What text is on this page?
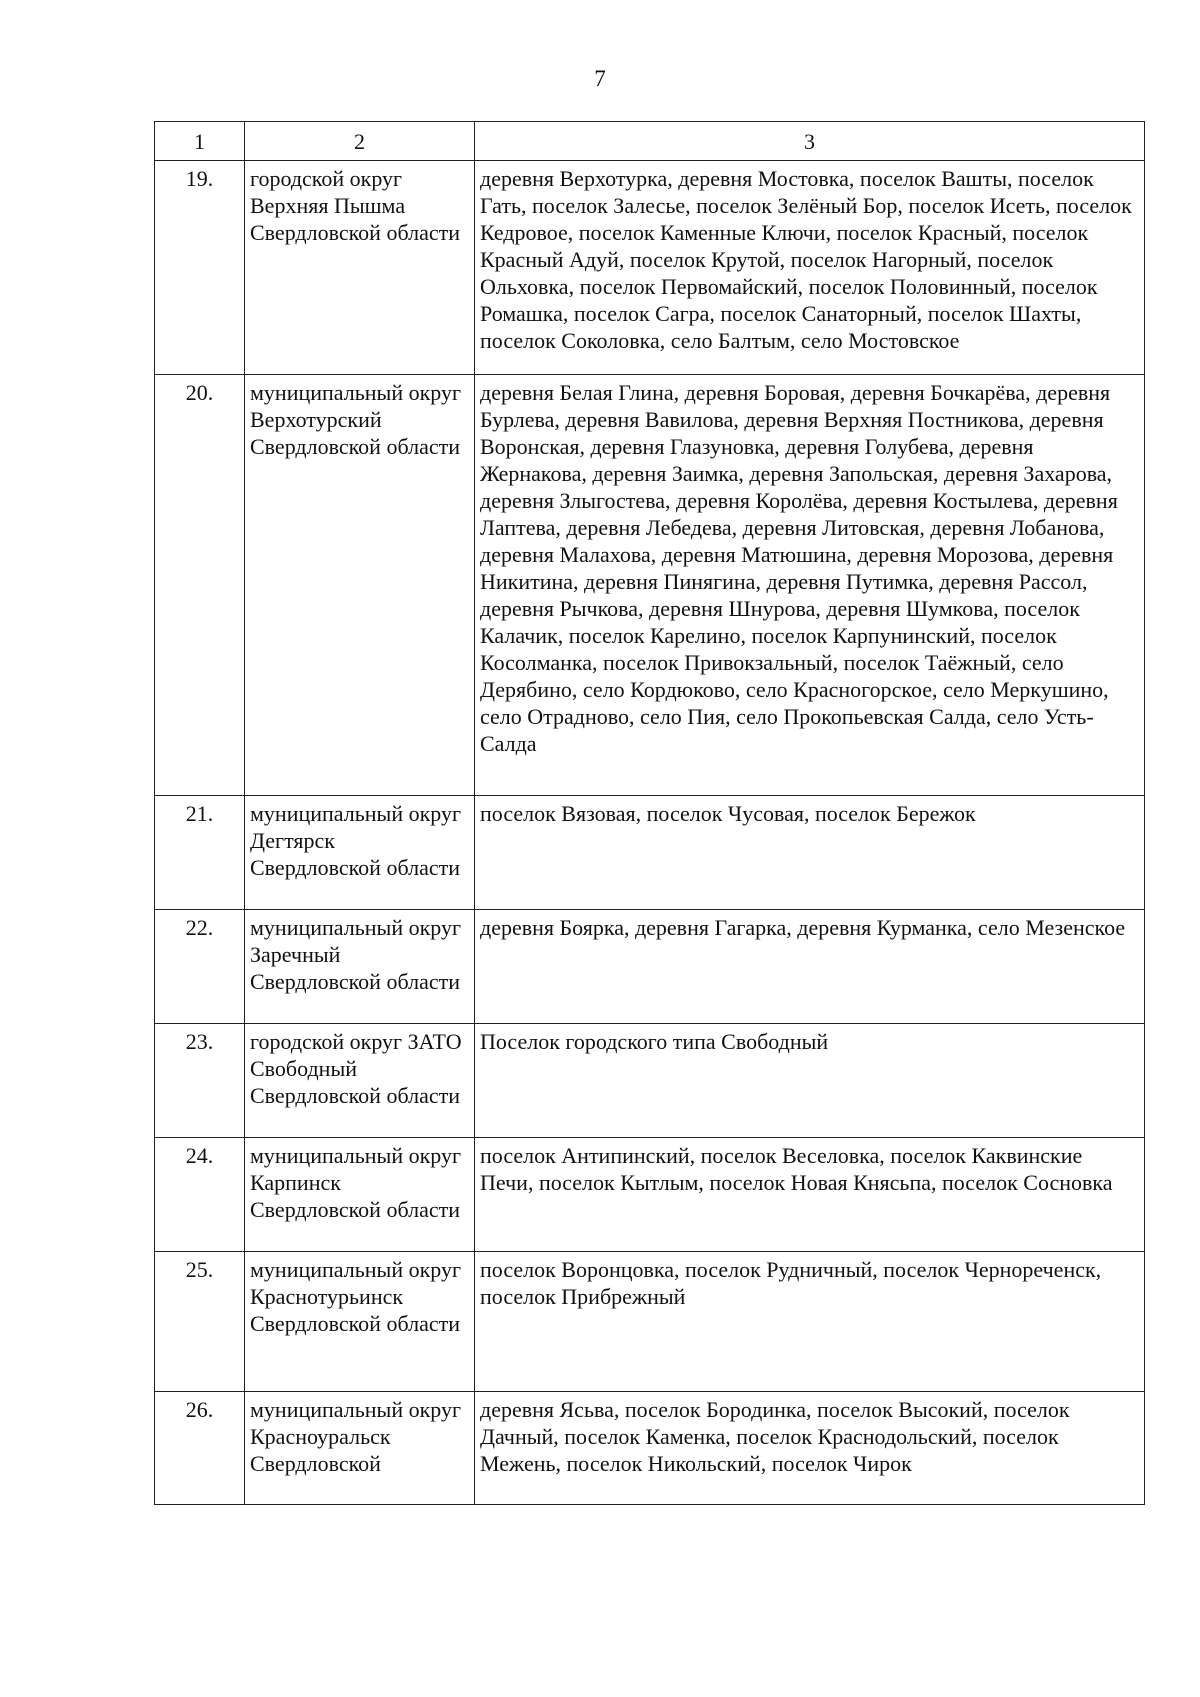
7
1	2	3
19.	городской округ Верхняя Пышма Свердловской области	деревня Верхотурка, деревня Мостовка, поселок Вашты, поселок Гать, поселок Залесье, поселок Зелёный Бор, поселок Исеть, поселок Кедровое, поселок Каменные Ключи, поселок Красный, поселок Красный Адуй, поселок Крутой, поселок Нагорный, поселок Ольховка, поселок Первомайский, поселок Половинный, поселок Ромашка, поселок Сагра, поселок Санаторный, поселок Шахты, поселок Соколовка, село Балтым, село Мостовское
20.	муниципальный округ Верхотурский Свердловской области	деревня Белая Глина, деревня Боровая, деревня Бочкарёва, деревня Бурлева, деревня Вавилова, деревня Верхняя Постникова, деревня Воронская, деревня Глазуновка, деревня Голубева, деревня Жернакова, деревня Заимка, деревня Запольская, деревня Захарова, деревня Злыгостева, деревня Королёва, деревня Костылева, деревня Лаптева, деревня Лебедева, деревня Литовская, деревня Лобанова, деревня Малахова, деревня Матюшина, деревня Морозова, деревня Никитина, деревня Пинягина, деревня Путимка, деревня Рассол, деревня Рычкова, деревня Шнурова, деревня Шумкова, поселок Калачик, поселок Карелино, поселок Карпунинский, поселок Косолманка, поселок Привокзальный, поселок Таёжный, село Дерябино, село Кордюково, село Красногорское, село Меркушино, село Отрадново, село Пия, село Прокопьевская Салда, село Усть-Салда
21.	муниципальный округ Дегтярск Свердловской области	поселок Вязовая, поселок Чусовая, поселок Бережок
22.	муниципальный округ Заречный Свердловской области	деревня Боярка, деревня Гагарка, деревня Курманка, село Мезенское
23.	городской округ ЗАТО Свободный Свердловской области	Поселок городского типа Свободный
24.	муниципальный округ Карпинск Свердловской области	поселок Антипинский, поселок Веселовка, поселок Каквинские Печи, поселок Кытлым, поселок Новая Княсьпа, поселок Сосновка
25.	муниципальный округ Краснотурьинск Свердловской области	поселок Воронцовка, поселок Рудничный, поселок Чернореченск, поселок Прибрежный
26.	муниципальный округ Красноуральск Свердловской	деревня Ясьва, поселок Бородинка, поселок Высокий, поселок Дачный, поселок Каменка, поселок Краснодольский, поселок Межень, поселок Никольский, поселок Чирок
